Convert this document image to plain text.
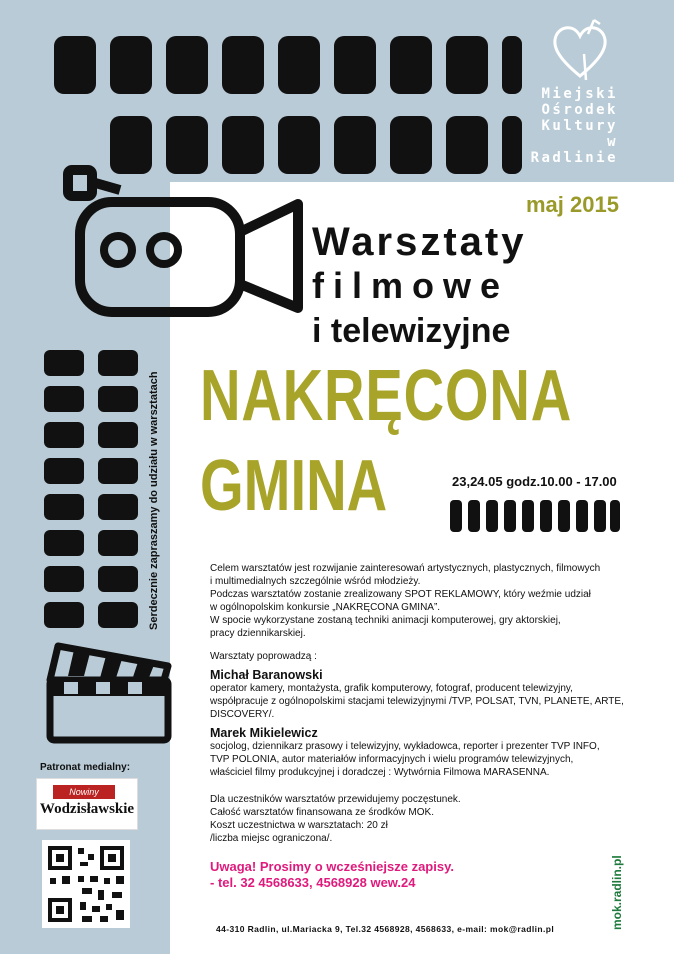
Miejski
Ośrodek
Kultury
w Radlinie
maj 2015
Warsztaty
filmowe
i telewizyjne
NAKRĘCONA
GMINA	23,24.05 godz.10.00 - 17.00
Serdecznie zapraszamy do udziału w warsztatach
Patronat medialny:
Nowiny
Wodzisławskie

Celem warsztatów jest rozwijanie zainteresowań artystycznych, plastycznych, filmowych

i multimedialnych szczególnie wśród młodzieży.

Podczas warsztatów zostanie zrealizowany SPOT REKLAMOWY, który weźmie udział

w ogólnopolskim konkursie „NAKRĘCONA GMINA”.

W spocie wykorzystane zostaną techniki animacji komputerowej, gry aktorskiej,

pracy dziennikarskiej.

Warsztaty poprowadzą :

Michał Baranowski

operator kamery, montażysta, grafik komputerowy, fotograf, producent telewizyjny,

współpracuje z ogólnopolskimi stacjami telewizyjnymi /TVP, POLSAT, TVN, PLANETE, ARTE,

DISCOVERY/.

Marek Mikielewicz

socjolog, dziennikarz prasowy i telewizyjny, wykładowca, reporter i prezenter TVP INFO,

TVP POLONIA, autor materiałów informacyjnych i wielu programów telewizyjnych,

właściciel filmy produkcyjnej i doradczej : Wytwórnia Filmowa MARASENNA.

Dla uczestników warsztatów przewidujemy poczęstunek.

Całość warsztatów finansowana ze środków MOK.

Koszt uczestnictwa w warsztatach: 20 zł

/liczba miejsc ograniczona/.

Uwaga! Prosimy o wcześniejsze zapisy.

- tel. 32 4568633, 4568928 wew.24	mok.radlin.pl
44-310 Radlin, ul.Mariacka 9, Tel.32 4568928, 4568633, e-mail: mok@radlin.pl
